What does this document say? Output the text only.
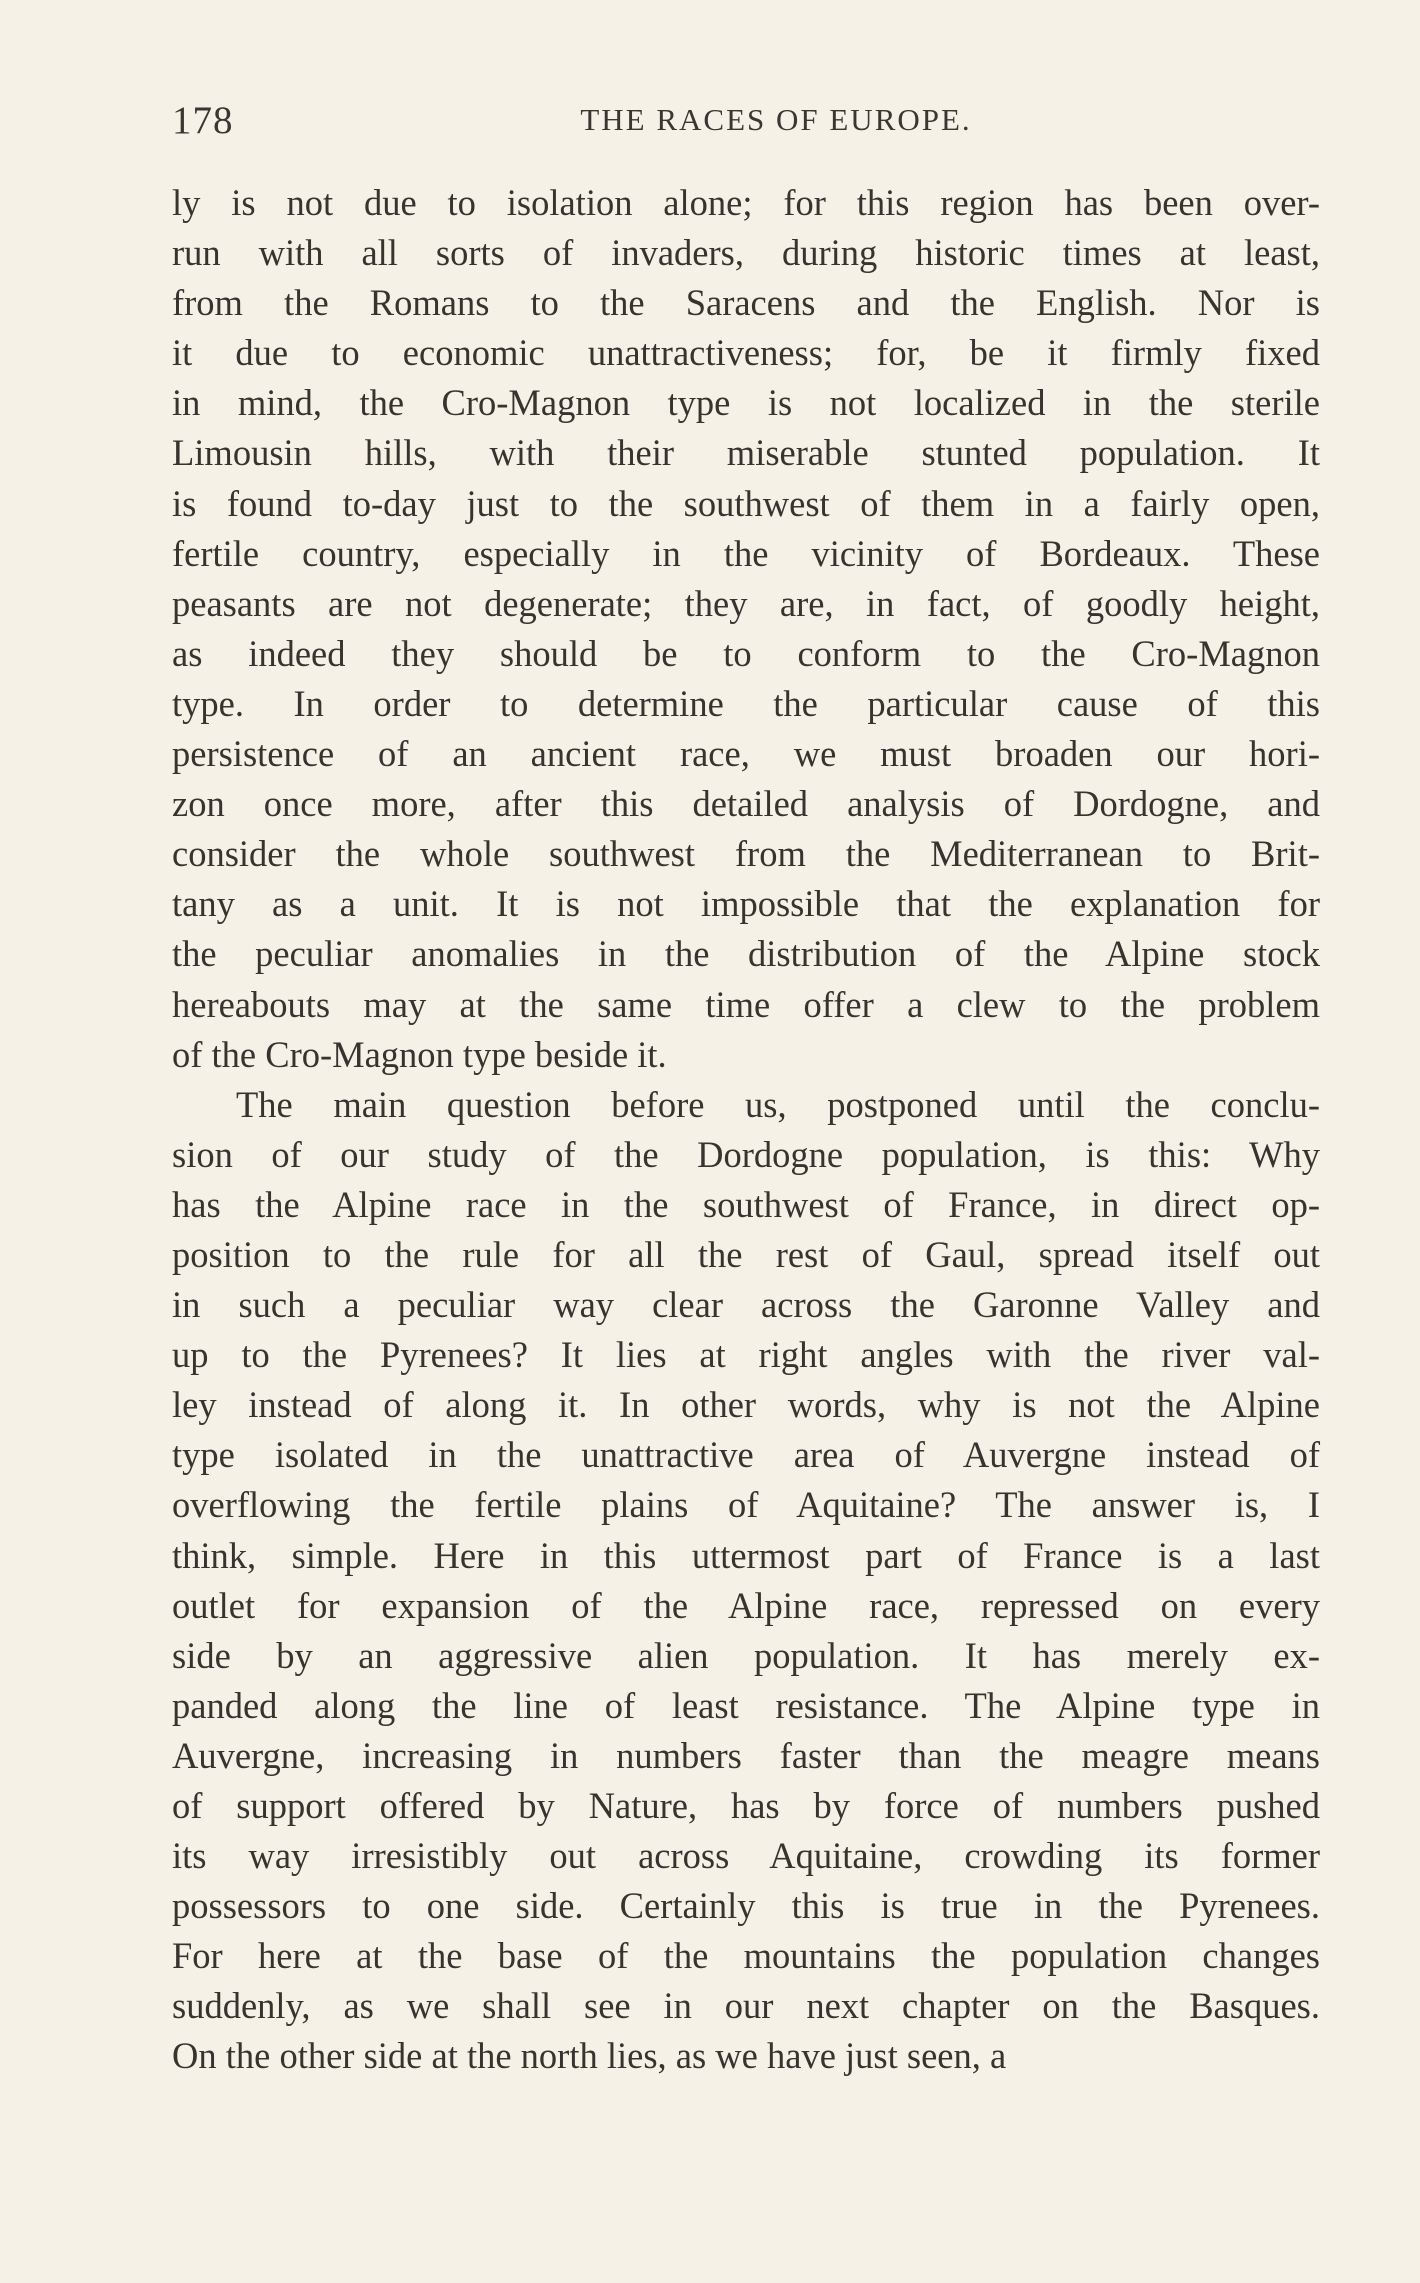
178	THE RACES OF EUROPE.
ly is not due to isolation alone; for this region has been over-
run with all sorts of invaders, during historic times at least,
from the Romans to the Saracens and the English. Nor is
it due to economic unattractiveness; for, be it firmly fixed
in mind, the Cro-Magnon type is not localized in the sterile
Limousin hills, with their miserable stunted population. It
is found to-day just to the southwest of them in a fairly open,
fertile country, especially in the vicinity of Bordeaux. These
peasants are not degenerate; they are, in fact, of goodly height,
as indeed they should be to conform to the Cro-Magnon
type. In order to determine the particular cause of this
persistence of an ancient race, we must broaden our hori-
zon once more, after this detailed analysis of Dordogne, and
consider the whole southwest from the Mediterranean to Brit-
tany as a unit. It is not impossible that the explanation for
the peculiar anomalies in the distribution of the Alpine stock
hereabouts may at the same time offer a clew to the problem
of the Cro-Magnon type beside it.
The main question before us, postponed until the conclu-
sion of our study of the Dordogne population, is this: Why
has the Alpine race in the southwest of France, in direct op-
position to the rule for all the rest of Gaul, spread itself out
in such a peculiar way clear across the Garonne Valley and
up to the Pyrenees? It lies at right angles with the river val-
ley instead of along it. In other words, why is not the Alpine
type isolated in the unattractive area of Auvergne instead of
overflowing the fertile plains of Aquitaine? The answer is, I
think, simple. Here in this uttermost part of France is a last
outlet for expansion of the Alpine race, repressed on every
side by an aggressive alien population. It has merely ex-
panded along the line of least resistance. The Alpine type in
Auvergne, increasing in numbers faster than the meagre means
of support offered by Nature, has by force of numbers pushed
its way irresistibly out across Aquitaine, crowding its former
possessors to one side. Certainly this is true in the Pyrenees.
For here at the base of the mountains the population changes
suddenly, as we shall see in our next chapter on the Basques.
On the other side at the north lies, as we have just seen, a
